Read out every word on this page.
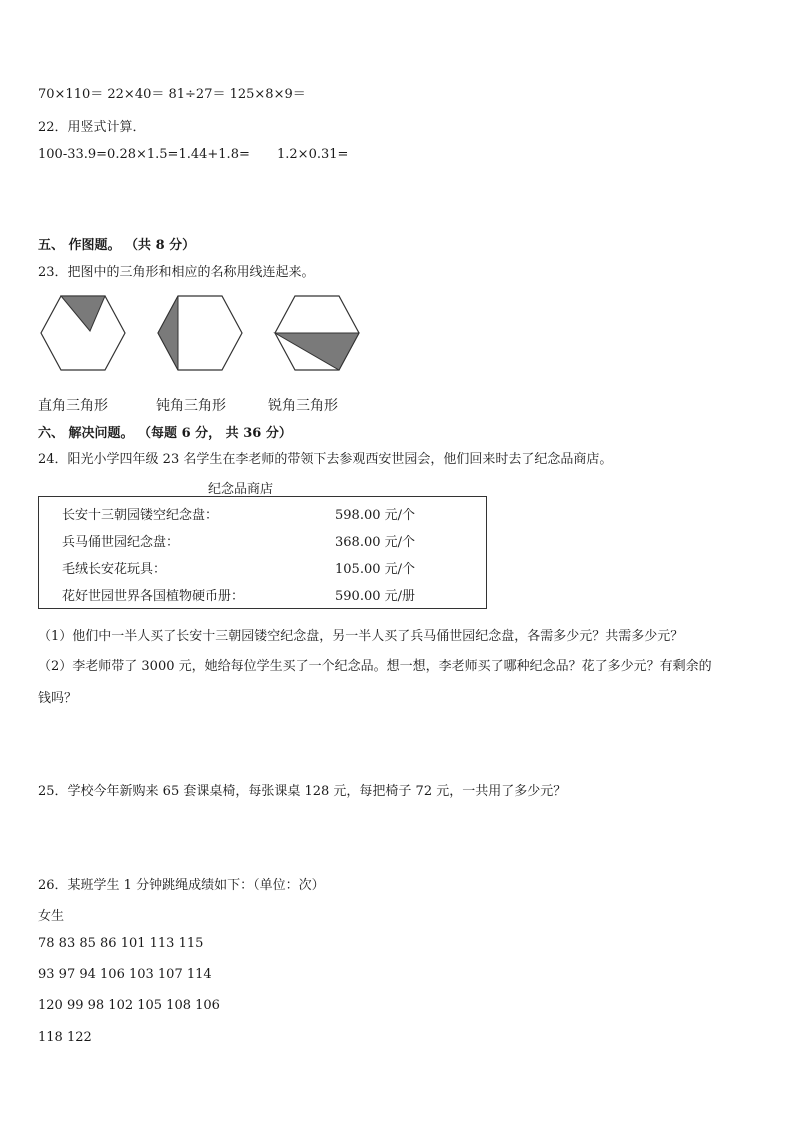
70×110＝ 22×40＝ 81÷27＝ 125×8×9＝
22．用竖式计算．
100-33.9=0.28×1.5=1.44+1.8= 1.2×0.31=
五、 作图题。 （共 8 分）
23．把图中的三角形和相应的名称用线连起来。
直角三角形	钝角三角形	锐角三角形
六、 解决问题。 （每题 6 分， 共 36 分）
24．阳光小学四年级 23 名学生在李老师的带领下去参观西安世园会，他们回来时去了纪念品商店。
纪念品商店
长安十三朝园镂空纪念盘：	598.00 元/个
兵马俑世园纪念盘：	368.00 元/个
毛绒长安花玩具：	105.00 元/个
花好世园世界各国植物硬币册：	590.00 元/册
（1）他们中一半人买了长安十三朝园镂空纪念盘，另一半人买了兵马俑世园纪念盘，各需多少元？共需多少元？
（2）李老师带了 3000 元，她给每位学生买了一个纪念品。想一想，李老师买了哪种纪念品？花了多少元？有剩余的
钱吗？
25．学校今年新购来 65 套课桌椅，每张课桌 128 元，每把椅子 72 元，一共用了多少元？
26．某班学生 1 分钟跳绳成绩如下：（单位：次）
女生
78 83 85 86 101 113 115
93 97 94 106 103 107 114
120 99 98 102 105 108 106
118 122
